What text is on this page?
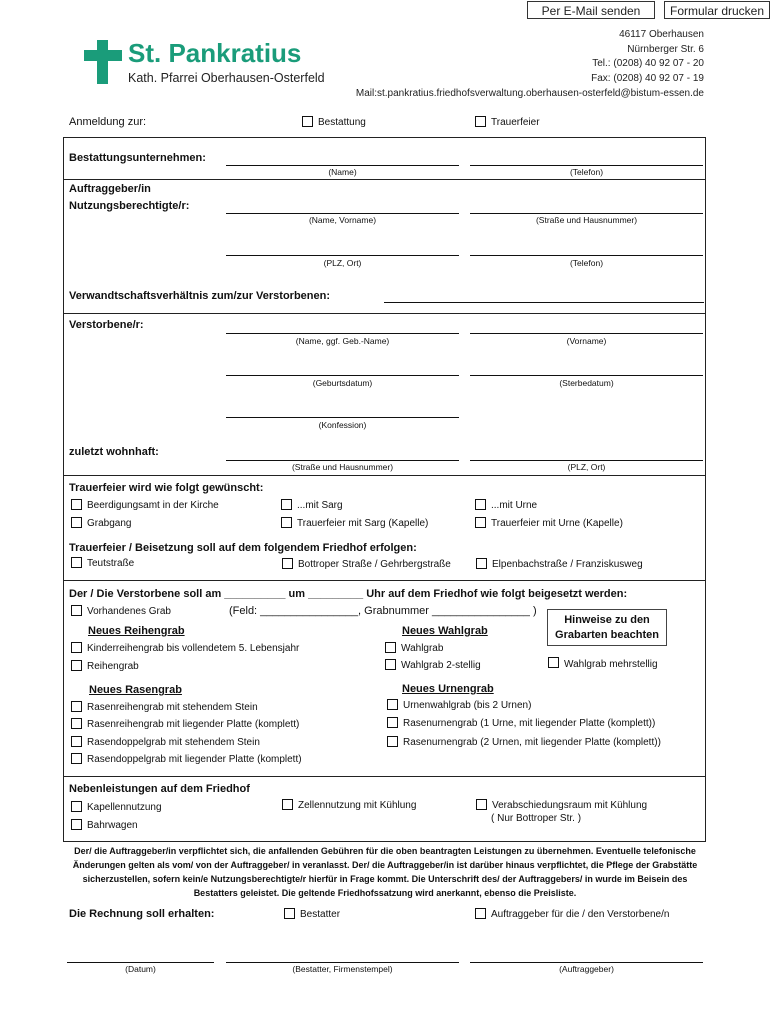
Per E-Mail senden	Formular drucken
St. Pankratius
Kath. Pfarrei Oberhausen-Osterfeld
46117 Oberhausen
Nürnberger Str. 6
Tel.: (0208) 40 92 07 - 20
Fax: (0208) 40 92 07 - 19
Mail:st.pankratius.friedhofsverwaltung.oberhausen-osterfeld@bistum-essen.de
Anmeldung zur:	Bestattung	Trauerfeier
Bestattungsunternehmen:
(Name)	(Telefon)
Auftraggeber/in
Nutzungsberechtigte/r:
(Name, Vorname)	(Straße und Hausnummer)
(PLZ, Ort)	(Telefon)
Verwandtschaftsverhältnis zum/zur Verstorbenen:
Verstorbene/r:
(Name, ggf. Geb.-Name)	(Vorname)
(Geburtsdatum)	(Sterbedatum)
(Konfession)
zuletzt wohnhaft:
(Straße und Hausnummer)	(PLZ, Ort)
Trauerfeier wird wie folgt gewünscht:
Beerdigungsamt in der Kirche	...mit Sarg	...mit Urne
Grabgang	Trauerfeier mit Sarg (Kapelle)	Trauerfeier mit Urne (Kapelle)
Trauerfeier / Beisetzung soll auf dem folgendem Friedhof erfolgen:
Teutstraße	Bottroper Straße / Gehrbergstraße	Elpenbachstraße / Franziskusweg
Der / Die Verstorbene soll am __________ um _________ Uhr auf dem Friedhof wie folgt beigesetzt werden:
Vorhandenes Grab	(Feld: ________________, Grabnummer ________________ )
Hinweise zu den Grabarten beachten
Neues Reihengrab
Kinderreihengrab bis vollendetem 5. Lebensjahr
Reihengrab
Neues Wahlgrab
Wahlgrab
Wahlgrab 2-stellig	Wahlgrab mehrstellig
Neues Rasengrab
Rasenreihengrab mit stehendem Stein
Rasenreihengrab mit liegender Platte (komplett)
Rasendoppelgrab mit stehendem Stein
Rasendoppelgrab mit liegender Platte (komplett)
Neues Urnengrab
Urnenwahlgrab (bis 2 Urnen)
Rasenurnengrab (1 Urne, mit liegender Platte (komplett))
Rasenurnengrab (2 Urnen, mit liegender Platte (komplett))
Nebenleistungen auf dem Friedhof
Kapellennutzung	Zellennutzung mit Kühlung	Verabschiedungsraum mit Kühlung
( Nur Bottroper Str. )
Bahrwagen
Der/ die Auftraggeber/in verpflichtet sich, die anfallenden Gebühren für die oben beantragten Leistungen zu übernehmen. Eventuelle telefonische Änderungen gelten als vom/ von der Auftraggeber/ in veranlasst. Der/ die Auftraggeber/in ist darüber hinaus verpflichtet, die Pflege der Grabstätte sicherzustellen, sofern kein/e Nutzungsberechtigte/r hierfür in Frage kommt. Die Unterschrift des/ der Auftraggebers/ in wurde im Beisein des Bestatters geleistet. Die geltende Friedhofssatzung wird anerkannt, ebenso die Preisliste.
Die Rechnung soll erhalten:	Bestatter	Auftraggeber für die / den Verstorbene/n
(Datum)	(Bestatter, Firmenstempel)	(Auftraggeber)
